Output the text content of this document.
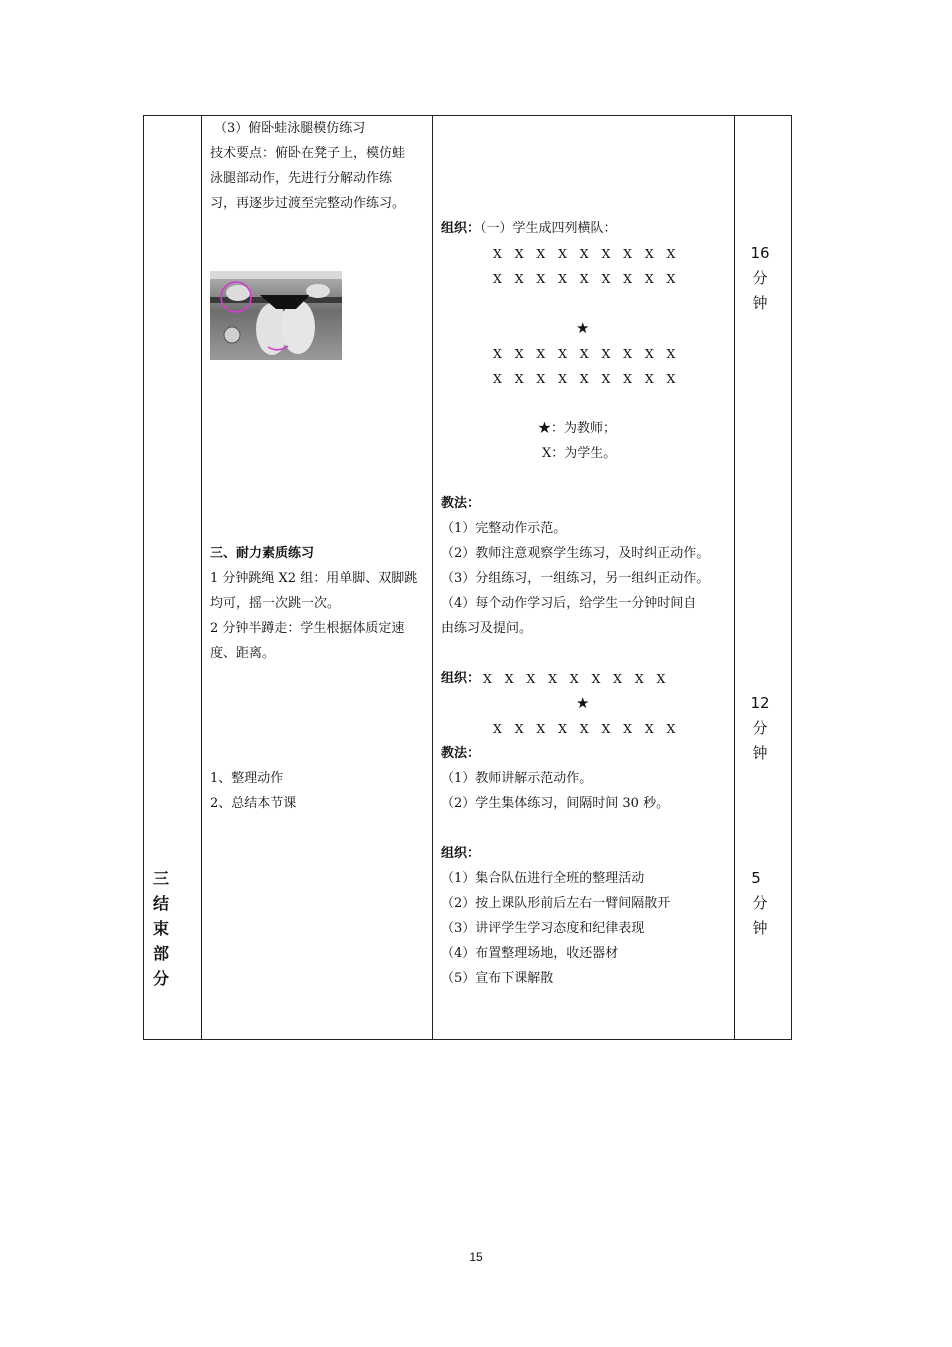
（3）俯卧蛙泳腿模仿练习
技术要点：俯卧在凳子上，模仿蛙
泳腿部动作，先进行分解动作练
习，再逐步过渡至完整动作练习。
三、耐力素质练习
1 分钟跳绳 X2 组：用单脚、双脚跳
均可，摇一次跳一次。
2 分钟半蹲走：学生根据体质定速
度、距离。
1、整理动作
2、总结本节课
三
结
束
部
分
组织：（一）学生成四列横队：
X X X X X X X X X
X X X X X X X X X
★
X X X X X X X X X
X X X X X X X X X
★：为教师；
X：为学生。
教法：
（1）完整动作示范。
（2）教师注意观察学生练习，及时纠正动作。
（3）分组练习，一组练习，另一组纠正动作。
（4）每个动作学习后，给学生一分钟时间自
由练习及提问。
组织： X X X X X X X X X
★
X X X X X X X X X
教法：
（1）教师讲解示范动作。
（2）学生集体练习，间隔时间 30 秒。
组织：
（1）集合队伍进行全班的整理活动
（2）按上课队形前后左右一臂间隔散开
（3）讲评学生学习态度和纪律表现
（4）布置整理场地，收还器材
（5）宣布下课解散
16
分
钟
12
分
钟
5
分
钟
15
